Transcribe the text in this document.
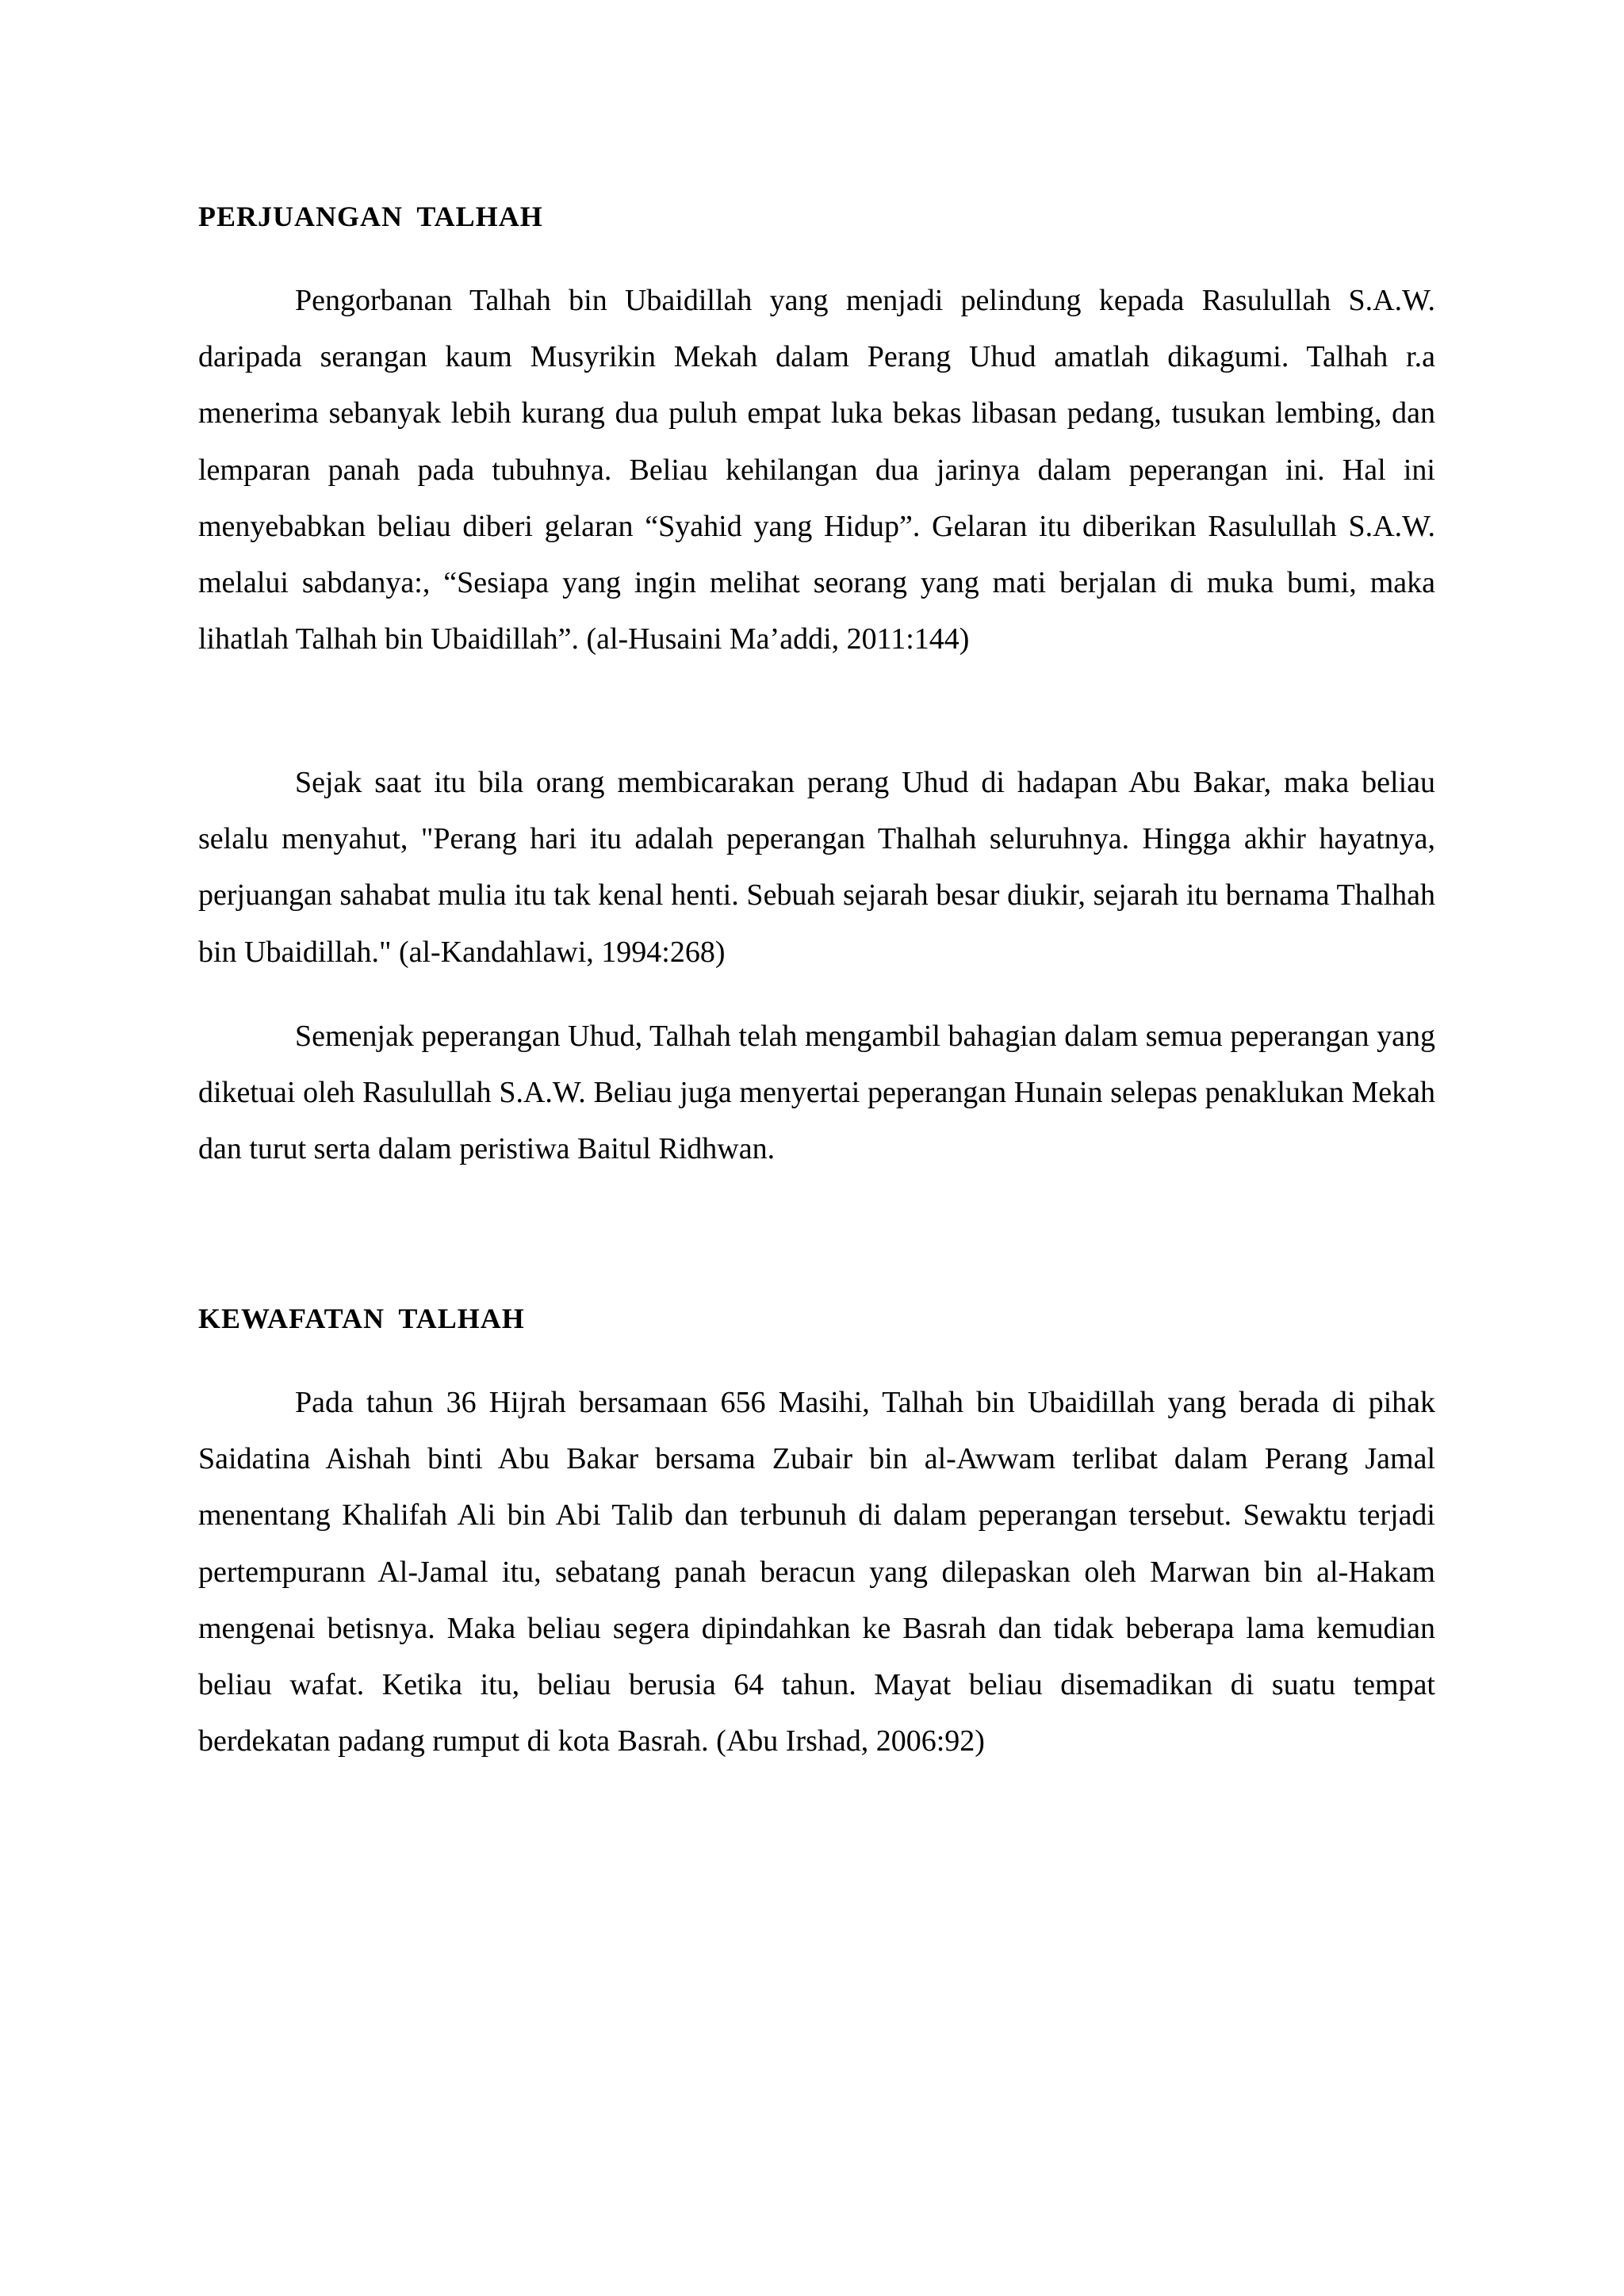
PERJUANGAN TALHAH

Pengorbanan Talhah bin Ubaidillah yang menjadi pelindung kepada Rasulullah S.A.W. daripada serangan kaum Musyrikin Mekah dalam Perang Uhud amatlah dikagumi. Talhah r.a menerima sebanyak lebih kurang dua puluh empat luka bekas libasan pedang, tusukan lembing, dan lemparan panah pada tubuhnya. Beliau kehilangan dua jarinya dalam peperangan ini. Hal ini menyebabkan beliau diberi gelaran “Syahid yang Hidup”. Gelaran itu diberikan Rasulullah S.A.W. melalui sabdanya:, “Sesiapa yang ingin melihat seorang yang mati berjalan di muka bumi, maka lihatlah Talhah bin Ubaidillah”. (al-Husaini Ma’addi, 2011:144)

Sejak saat itu bila orang membicarakan perang Uhud di hadapan Abu Bakar, maka beliau selalu menyahut, "Perang hari itu adalah peperangan Thalhah seluruhnya. Hingga akhir hayatnya, perjuangan sahabat mulia itu tak kenal henti. Sebuah sejarah besar diukir, sejarah itu bernama Thalhah bin Ubaidillah." (al-Kandahlawi, 1994:268)

Semenjak peperangan Uhud, Talhah telah mengambil bahagian dalam semua peperangan yang diketuai oleh Rasulullah S.A.W. Beliau juga menyertai peperangan Hunain selepas penaklukan Mekah dan turut serta dalam peristiwa Baitul Ridhwan.

KEWAFATAN TALHAH

Pada tahun 36 Hijrah bersamaan 656 Masihi, Talhah bin Ubaidillah yang berada di pihak Saidatina Aishah binti Abu Bakar bersama Zubair bin al-Awwam terlibat dalam Perang Jamal menentang Khalifah Ali bin Abi Talib dan terbunuh di dalam peperangan tersebut. Sewaktu terjadi pertempurann Al-Jamal itu, sebatang panah beracun yang dilepaskan oleh Marwan bin al-Hakam mengenai betisnya. Maka beliau segera dipindahkan ke Basrah dan tidak beberapa lama kemudian beliau wafat. Ketika itu, beliau berusia 64 tahun. Mayat beliau disemadikan di suatu tempat berdekatan padang rumput di kota Basrah. (Abu Irshad, 2006:92)
